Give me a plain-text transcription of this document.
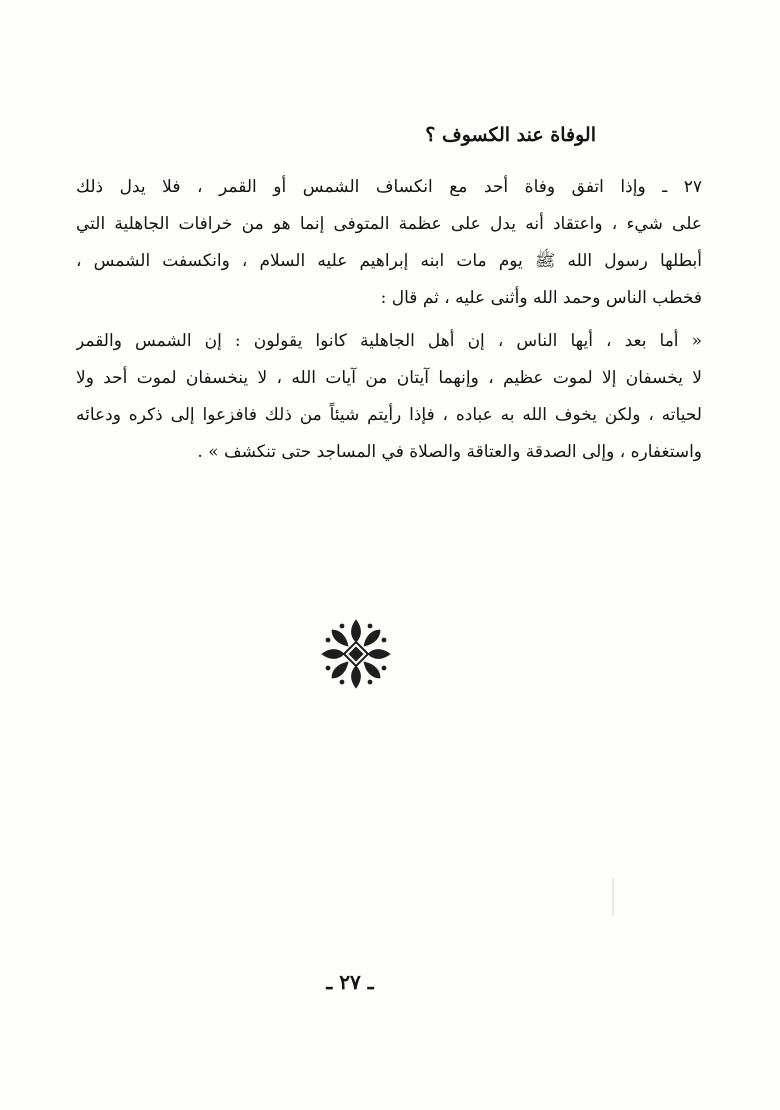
الوفاة عند الكسوف ؟
٢٧ ـ وإذا اتفق وفاة أحد مع انكساف الشمس أو القمر ، فلا يدل ذلك
على شيء ، واعتقاد أنه يدل على عظمة المتوفى إنما هو من خرافات الجاهلية التي
أبطلها رسول الله ﷺ يوم مات ابنه إبراهيم عليه السلام ، وانكسفت الشمس ،
فخطب الناس وحمد الله وأثنى عليه ، ثم قال :
« أما بعد ، أيها الناس ، إن أهل الجاهلية كانوا يقولون : إن الشمس والقمر
لا يخسفان إلا لموت عظيم ، وإنهما آيتان من آيات الله ، لا ينخسفان لموت أحد ولا
لحياته ، ولكن يخوف الله به عباده ، فإذا رأيتم شيئاً من ذلك فافزعوا إلى ذكره ودعائه
واستغفاره ، وإلى الصدقة والعتاقة والصلاة في المساجد حتى تنكشف » .
ـ ٢٧ ـ
